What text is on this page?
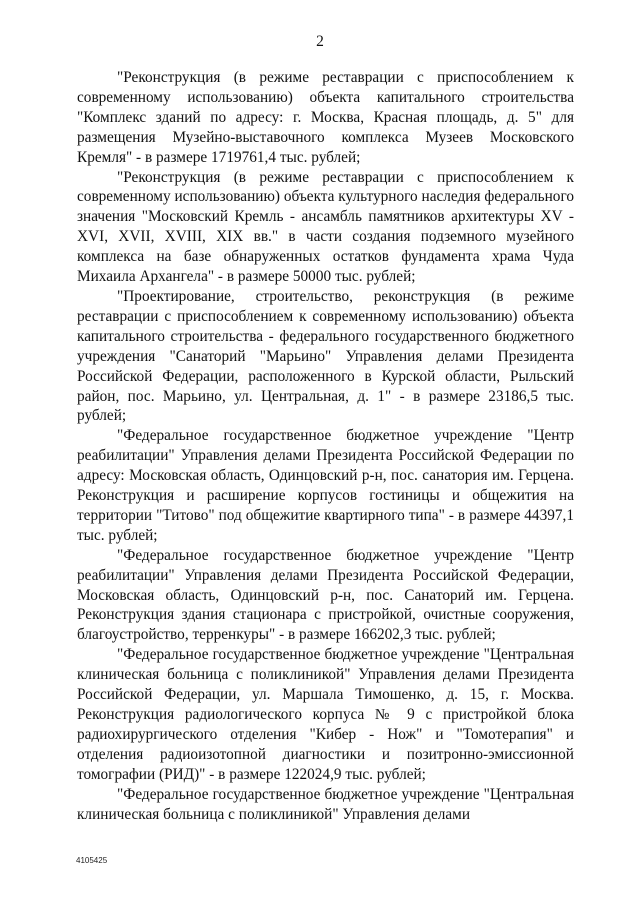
2

"Реконструкция (в режиме реставрации с приспособлением к современному использованию) объекта капитального строительства "Комплекс зданий по адресу: г. Москва, Красная площадь, д. 5" для размещения Музейно-выставочного комплекса Музеев Московского Кремля" - в размере 1719761,4 тыс. рублей;

"Реконструкция (в режиме реставрации с приспособлением к современному использованию) объекта культурного наследия федерального значения "Московский Кремль - ансамбль памятников архитектуры XV - XVI, XVII, XVIII, XIX вв." в части создания подземного музейного комплекса на базе обнаруженных остатков фундамента храма Чуда Михаила Архангела" - в размере 50000 тыс. рублей;

"Проектирование, строительство, реконструкция (в режиме реставрации с приспособлением к современному использованию) объекта капитального строительства - федерального государственного бюджетного учреждения "Санаторий "Марьино" Управления делами Президента Российской Федерации, расположенного в Курской области, Рыльский район, пос. Марьино, ул. Центральная, д. 1" - в размере 23186,5 тыс. рублей;

"Федеральное государственное бюджетное учреждение "Центр реабилитации" Управления делами Президента Российской Федерации по адресу: Московская область, Одинцовский р-н, пос. санатория им. Герцена. Реконструкция и расширение корпусов гостиницы и общежития на территории "Титово" под общежитие квартирного типа" - в размере 44397,1 тыс. рублей;

"Федеральное государственное бюджетное учреждение "Центр реабилитации" Управления делами Президента Российской Федерации, Московская область, Одинцовский р-н, пос. Санаторий им. Герцена. Реконструкция здания стационара с пристройкой, очистные сооружения, благоустройство, терренкуры" - в размере 166202,3 тыс. рублей;

"Федеральное государственное бюджетное учреждение "Центральная клиническая больница с поликлиникой" Управления делами Президента Российской Федерации, ул. Маршала Тимошенко, д. 15, г. Москва. Реконструкция радиологического корпуса № 9 с пристройкой блока радиохирургического отделения "Кибер - Нож" и "Томотерапия" и отделения радиоизотопной диагностики и позитронно-эмиссионной томографии (РИД)" - в размере 122024,9 тыс. рублей;

"Федеральное государственное бюджетное учреждение "Центральная клиническая больница с поликлиникой" Управления делами

4105425
